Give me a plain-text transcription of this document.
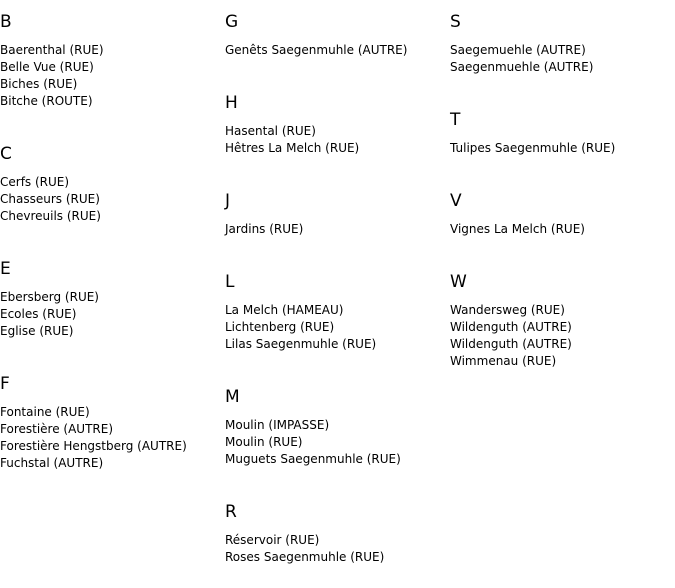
B
Baerenthal (RUE)
Belle Vue (RUE)
Biches (RUE)
Bitche (ROUTE)
C
Cerfs (RUE)
Chasseurs (RUE)
Chevreuils (RUE)
E
Ebersberg (RUE)
Ecoles (RUE)
Eglise (RUE)
F
Fontaine (RUE)
Forestière (AUTRE)
Forestière Hengstberg (AUTRE)
Fuchstal (AUTRE)
G
Genêts Saegenmuhle (AUTRE)
H
Hasental (RUE)
Hêtres La Melch (RUE)
J
Jardins (RUE)
L
La Melch (HAMEAU)
Lichtenberg (RUE)
Lilas Saegenmuhle (RUE)
M
Moulin (IMPASSE)
Moulin (RUE)
Muguets Saegenmuhle (RUE)
R
Réservoir (RUE)
Roses Saegenmuhle (RUE)
S
Saegemuehle (AUTRE)
Saegenmuehle (AUTRE)
T
Tulipes Saegenmuhle (RUE)
V
Vignes La Melch (RUE)
W
Wandersweg (RUE)
Wildenguth (AUTRE)
Wildenguth (AUTRE)
Wimmenau (RUE)
